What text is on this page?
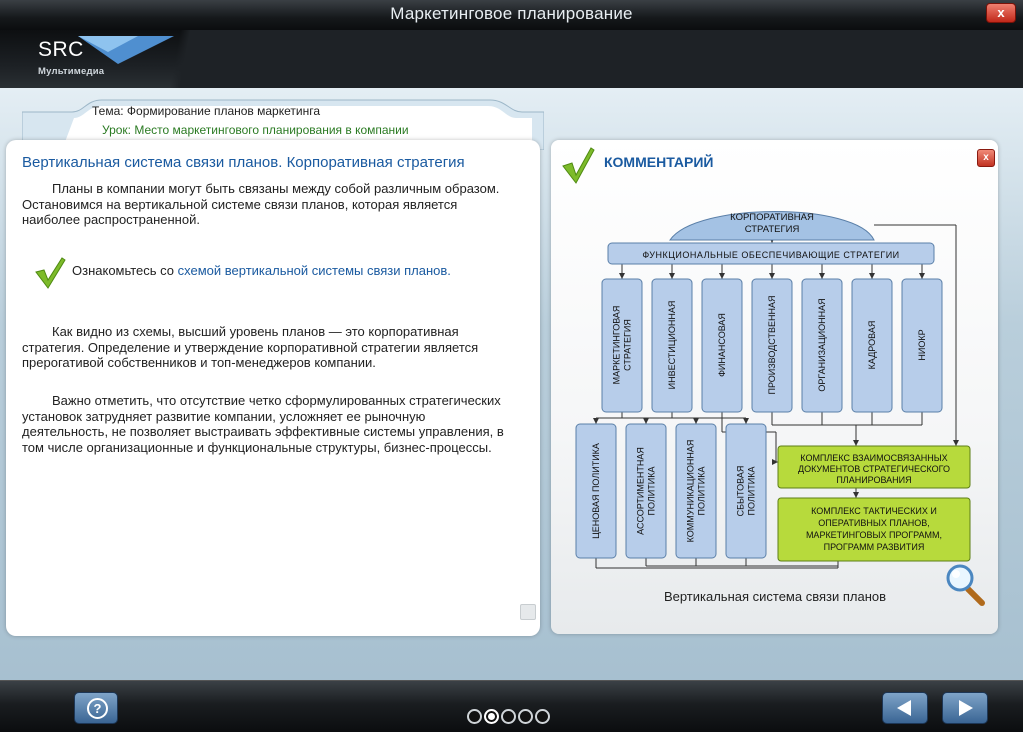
Маркетинговое планирование	x
SRC
Мультимедиа
Тема: Формирование планов маркетинга
Урок: Место маркетингового планирования в компании
Вертикальная система связи планов. Корпоративная стратегия
Планы в компании могут быть связаны между собой различным образом. Остановимся на вертикальной системе связи планов, которая является наиболее распространенной.
Ознакомьтесь со схемой вертикальной системы связи планов.
Как видно из схемы, высший уровень планов — это корпоративная стратегия. Определение и утверждение корпоративной стратегии является прерогативой собственников и топ-менеджеров компании.
Важно отметить, что отсутствие четко сформулированных стратегических установок затрудняет развитие компании, усложняет ее рыночную деятельность, не позволяет выстраивать эффективные системы управления, в том числе организационные и функциональные структуры, бизнес-процессы.
КОММЕНТАРИЙ	x
КОРПОРАТИВНАЯ
СТРАТЕГИЯ
ФУНКЦИОНАЛЬНЫЕ ОБЕСПЕЧИВАЮЩИЕ СТРАТЕГИИ
МАРКЕТИНГОВАЯ СТРАТЕГИЯ	ИНВЕСТИЦИОННАЯ	ФИНАНСОВАЯ	ПРОИЗВОДСТВЕННАЯ	ОРГАНИЗАЦИОННАЯ	КАДРОВАЯ	НИОКР
ЦЕНОВАЯ ПОЛИТИКА	АССОРТИМЕНТНАЯ ПОЛИТИКА	КОММУНИКАЦИОННАЯ ПОЛИТИКА	СБЫТОВАЯ ПОЛИТИКА
КОМПЛЕКС ВЗАИМОСВЯЗАННЫХ
ДОКУМЕНТОВ СТРАТЕГИЧЕСКОГО
ПЛАНИРОВАНИЯ
КОМПЛЕКС ТАКТИЧЕСКИХ И
ОПЕРАТИВНЫХ ПЛАНОВ,
МАРКЕТИНГОВЫХ ПРОГРАММ,
ПРОГРАММ РАЗВИТИЯ
Вертикальная система связи планов
?
